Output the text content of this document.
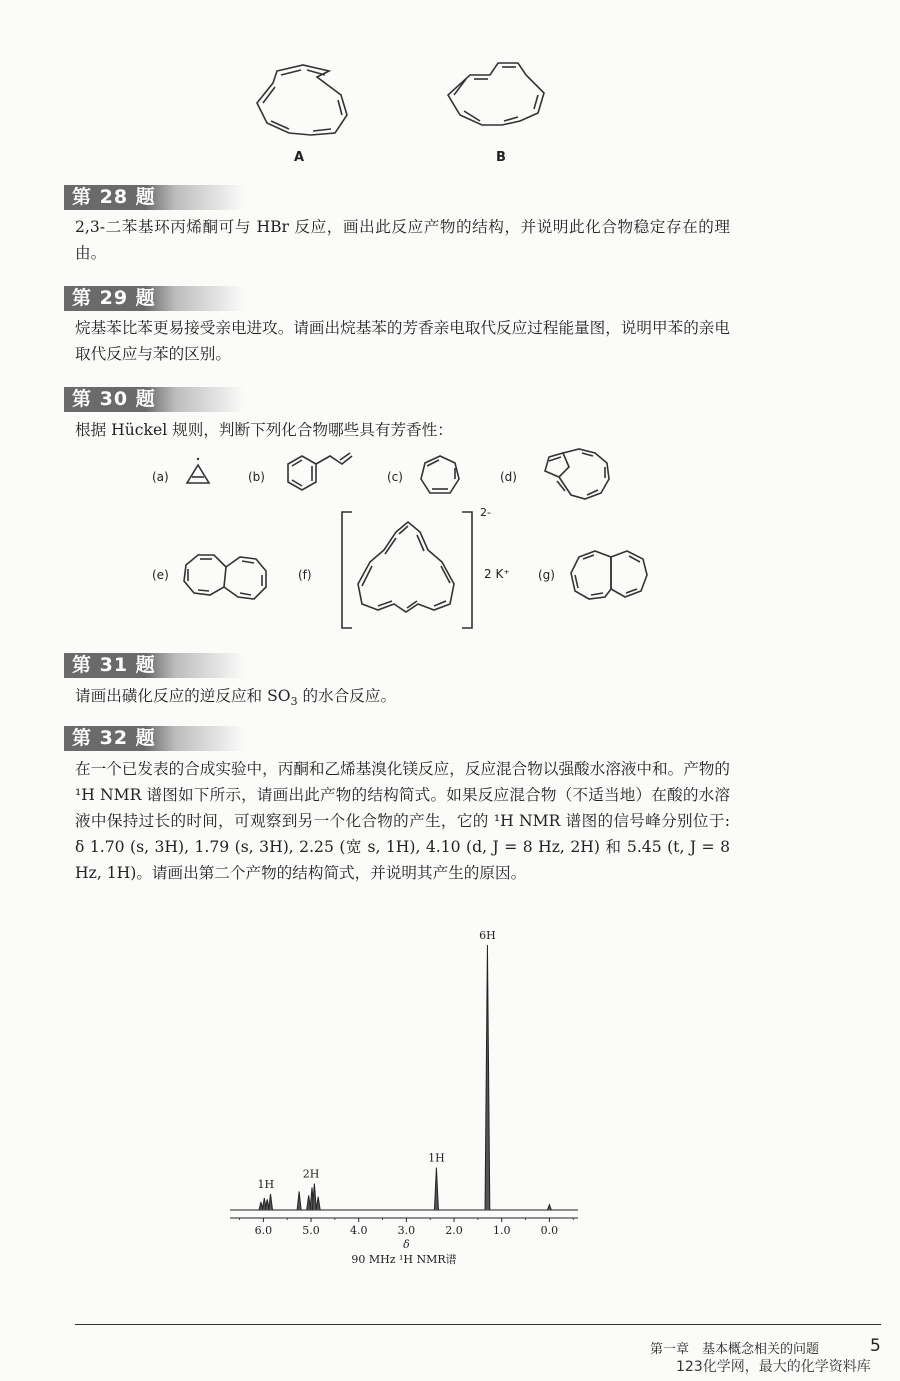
A	B
第 28 题

2,3-二苯基环丙烯酮可与 HBr 反应，画出此反应产物的结构，并说明此化合物稳定存在的理由。

第 29 题

烷基苯比苯更易接受亲电进攻。请画出烷基苯的芳香亲电取代反应过程能量图，说明甲苯的亲电取代反应与苯的区别。

第 30 题

根据 Hückel 规则，判断下列化合物哪些具有芳香性：

(a)	(b)	(c)	(d)
(e)	(f)
2-
2 K⁺ (g)
第 31 题

请画出磺化反应的逆反应和 $SO_3$ 的水合反应。

第 32 题

在一个已发表的合成实验中，丙酮和乙烯基溴化镁反应，反应混合物以强酸水溶液中和。产物的 ¹H NMR 谱图如下所示，请画出此产物的结构简式。如果反应混合物（不适当地）在酸的水溶液中保持过长的时间，可观察到另一个化合物的产生，它的 ¹H NMR 谱图的信号峰分别位于: δ 1.70 (s, 3H), 1.79 (s, 3H), 2.25 (宽 s, 1H), 4.10 (d, J = 8 Hz, 2H) 和 5.45 (t, J = 8 Hz, 1H)。请画出第二个产物的结构简式，并说明其产生的原因。

6.0	5.0	4.0	3.0	2.0	1.0	0.0
1H
2H
1H
6H
δ
90 MHz ¹H NMR谱
第一章　基本概念相关的问题	5
123化学网，最大的化学资料库
